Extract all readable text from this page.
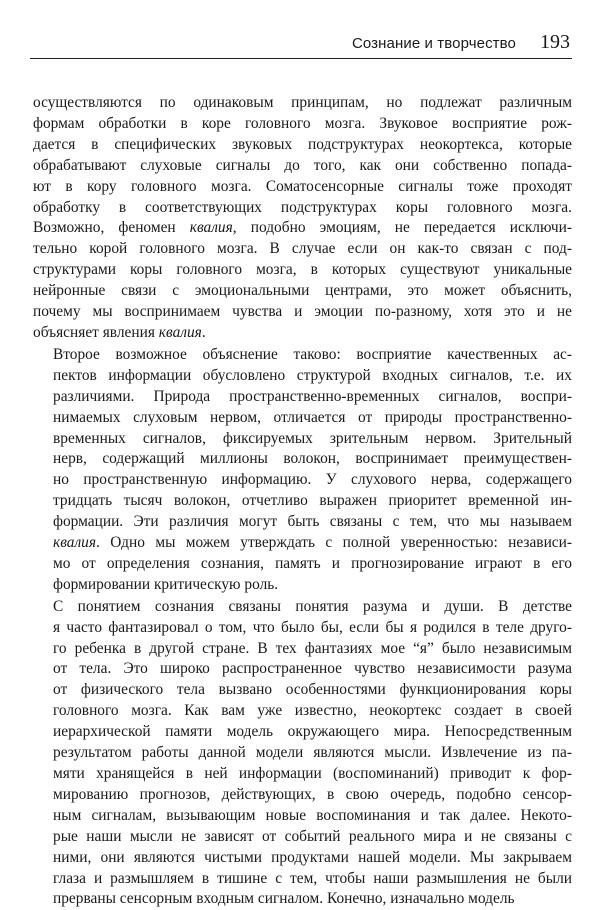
Сознание и творчество 193

осуществляются по одинаковым принципам, но подлежат различным
формам обработки в коре головного мозга. Звуковое восприятие рож-
дается в специфических звуковых подструктурах неокортекса, которые
обрабатывают слуховые сигналы до того, как они собственно попада-
ют в кору головного мозга. Соматосенсорные сигналы тоже проходят
обработку в соответствующих подструктурах коры головного мозга.
Возможно, феномен квалия, подобно эмоциям, не передается исключи-
тельно корой головного мозга. В случае если он как-то связан с под-
структурами коры головного мозга, в которых существуют уникальные
нейронные связи с эмоциональными центрами, это может объяснить,
почему мы воспринимаем чувства и эмоции по-разному, хотя это и не
объясняет явления квалия.

Второе возможное объяснение таково: восприятие качественных ас-
пектов информации обусловлено структурой входных сигналов, т.е. их
различиями. Природа пространственно-временных сигналов, воспри-
нимаемых слуховым нервом, отличается от природы пространственно-
временных сигналов, фиксируемых зрительным нервом. Зрительный
нерв, содержащий миллионы волокон, воспринимает преимуществен-
но пространственную информацию. У слухового нерва, содержащего
тридцать тысяч волокон, отчетливо выражен приоритет временной ин-
формации. Эти различия могут быть связаны с тем, что мы называем
квалия. Одно мы можем утверждать с полной уверенностью: независи-
мо от определения сознания, память и прогнозирование играют в его
формировании критическую роль.

С понятием сознания связаны понятия разума и души. В детстве
я часто фантазировал о том, что было бы, если бы я родился в теле друго-
го ребенка в другой стране. В тех фантазиях мое “я” было независимым
от тела. Это широко распространенное чувство независимости разума
от физического тела вызвано особенностями функционирования коры
головного мозга. Как вам уже известно, неокортекс создает в своей
иерархической памяти модель окружающего мира. Непосредственным
результатом работы данной модели являются мысли. Извлечение из па-
мяти хранящейся в ней информации (воспоминаний) приводит к фор-
мированию прогнозов, действующих, в свою очередь, подобно сенсор-
ным сигналам, вызывающим новые воспоминания и так далее. Некото-
рые наши мысли не зависят от событий реального мира и не связаны с
ними, они являются чистыми продуктами нашей модели. Мы закрываем
глаза и размышляем в тишине с тем, чтобы наши размышления не были
прерваны сенсорным входным сигналом. Конечно, изначально модель
